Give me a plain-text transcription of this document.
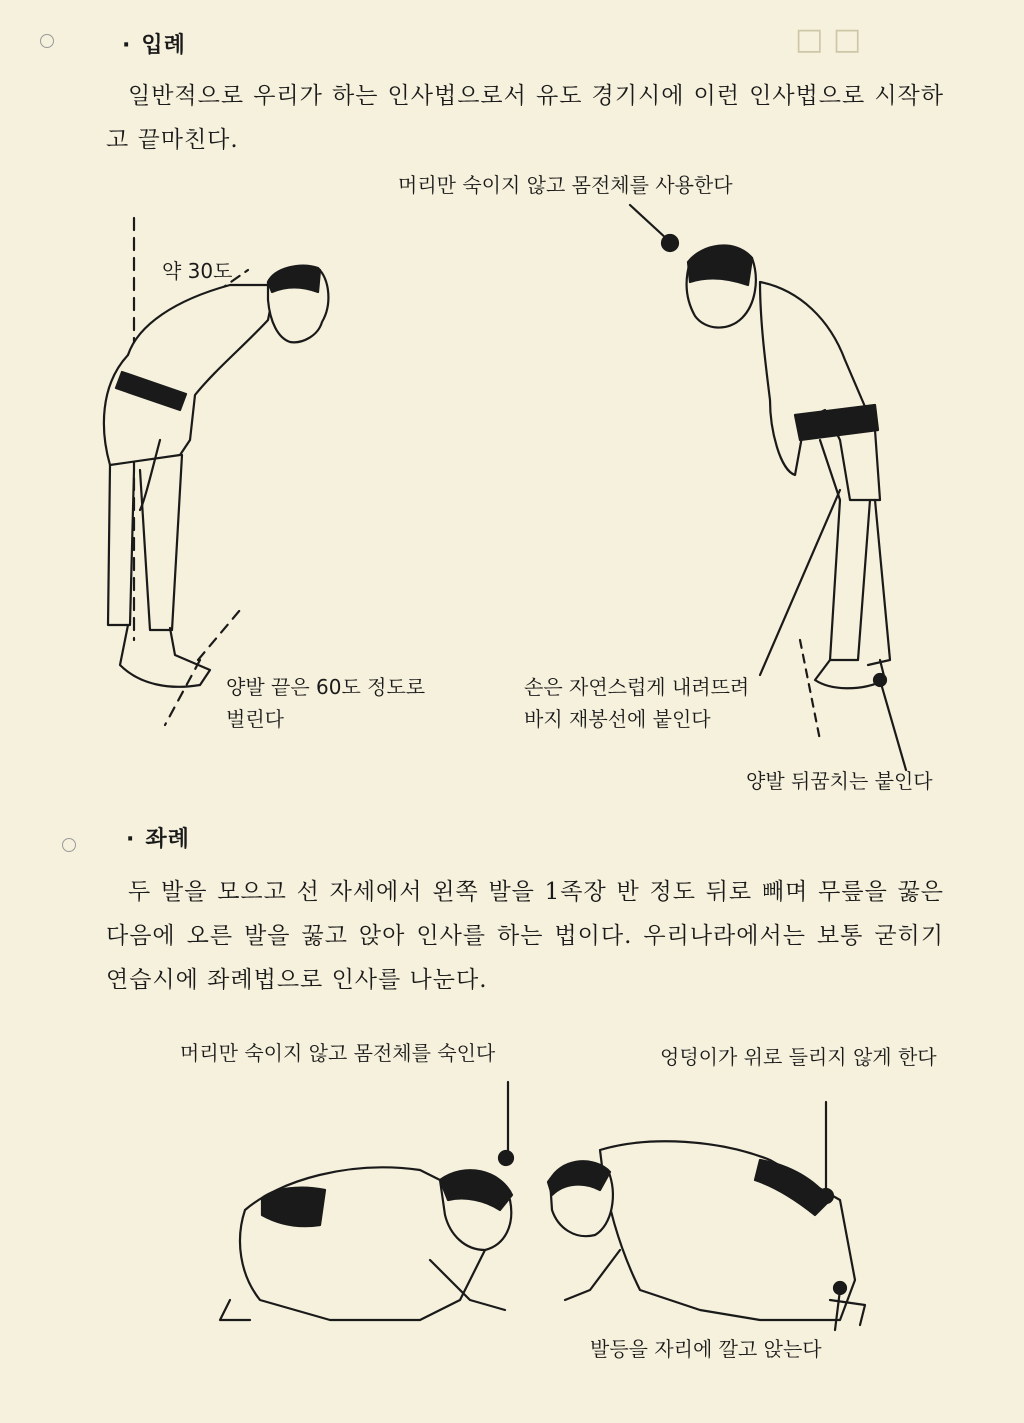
□ □
· 입례
일반적으로 우리가 하는 인사법으로서 유도 경기시에 이런 인사법으로 시작하고 끝마친다.
머리만 숙이지 않고 몸전체를 사용한다
약 30도
양발 끝은 60도 정도로
벌린다
손은 자연스럽게 내려뜨려
바지 재봉선에 붙인다
양발 뒤꿈치는 붙인다
· 좌례
두 발을 모으고 선 자세에서 왼쪽 발을 1족장 반 정도 뒤로 빼며 무릎을 꿇은 다음에 오른 발을 꿇고 앉아 인사를 하는 법이다. 우리나라에서는 보통 굳히기 연습시에 좌례법으로 인사를 나눈다.
머리만 숙이지 않고 몸전체를 숙인다	엉덩이가 위로 들리지 않게 한다
발등을 자리에 깔고 앉는다
